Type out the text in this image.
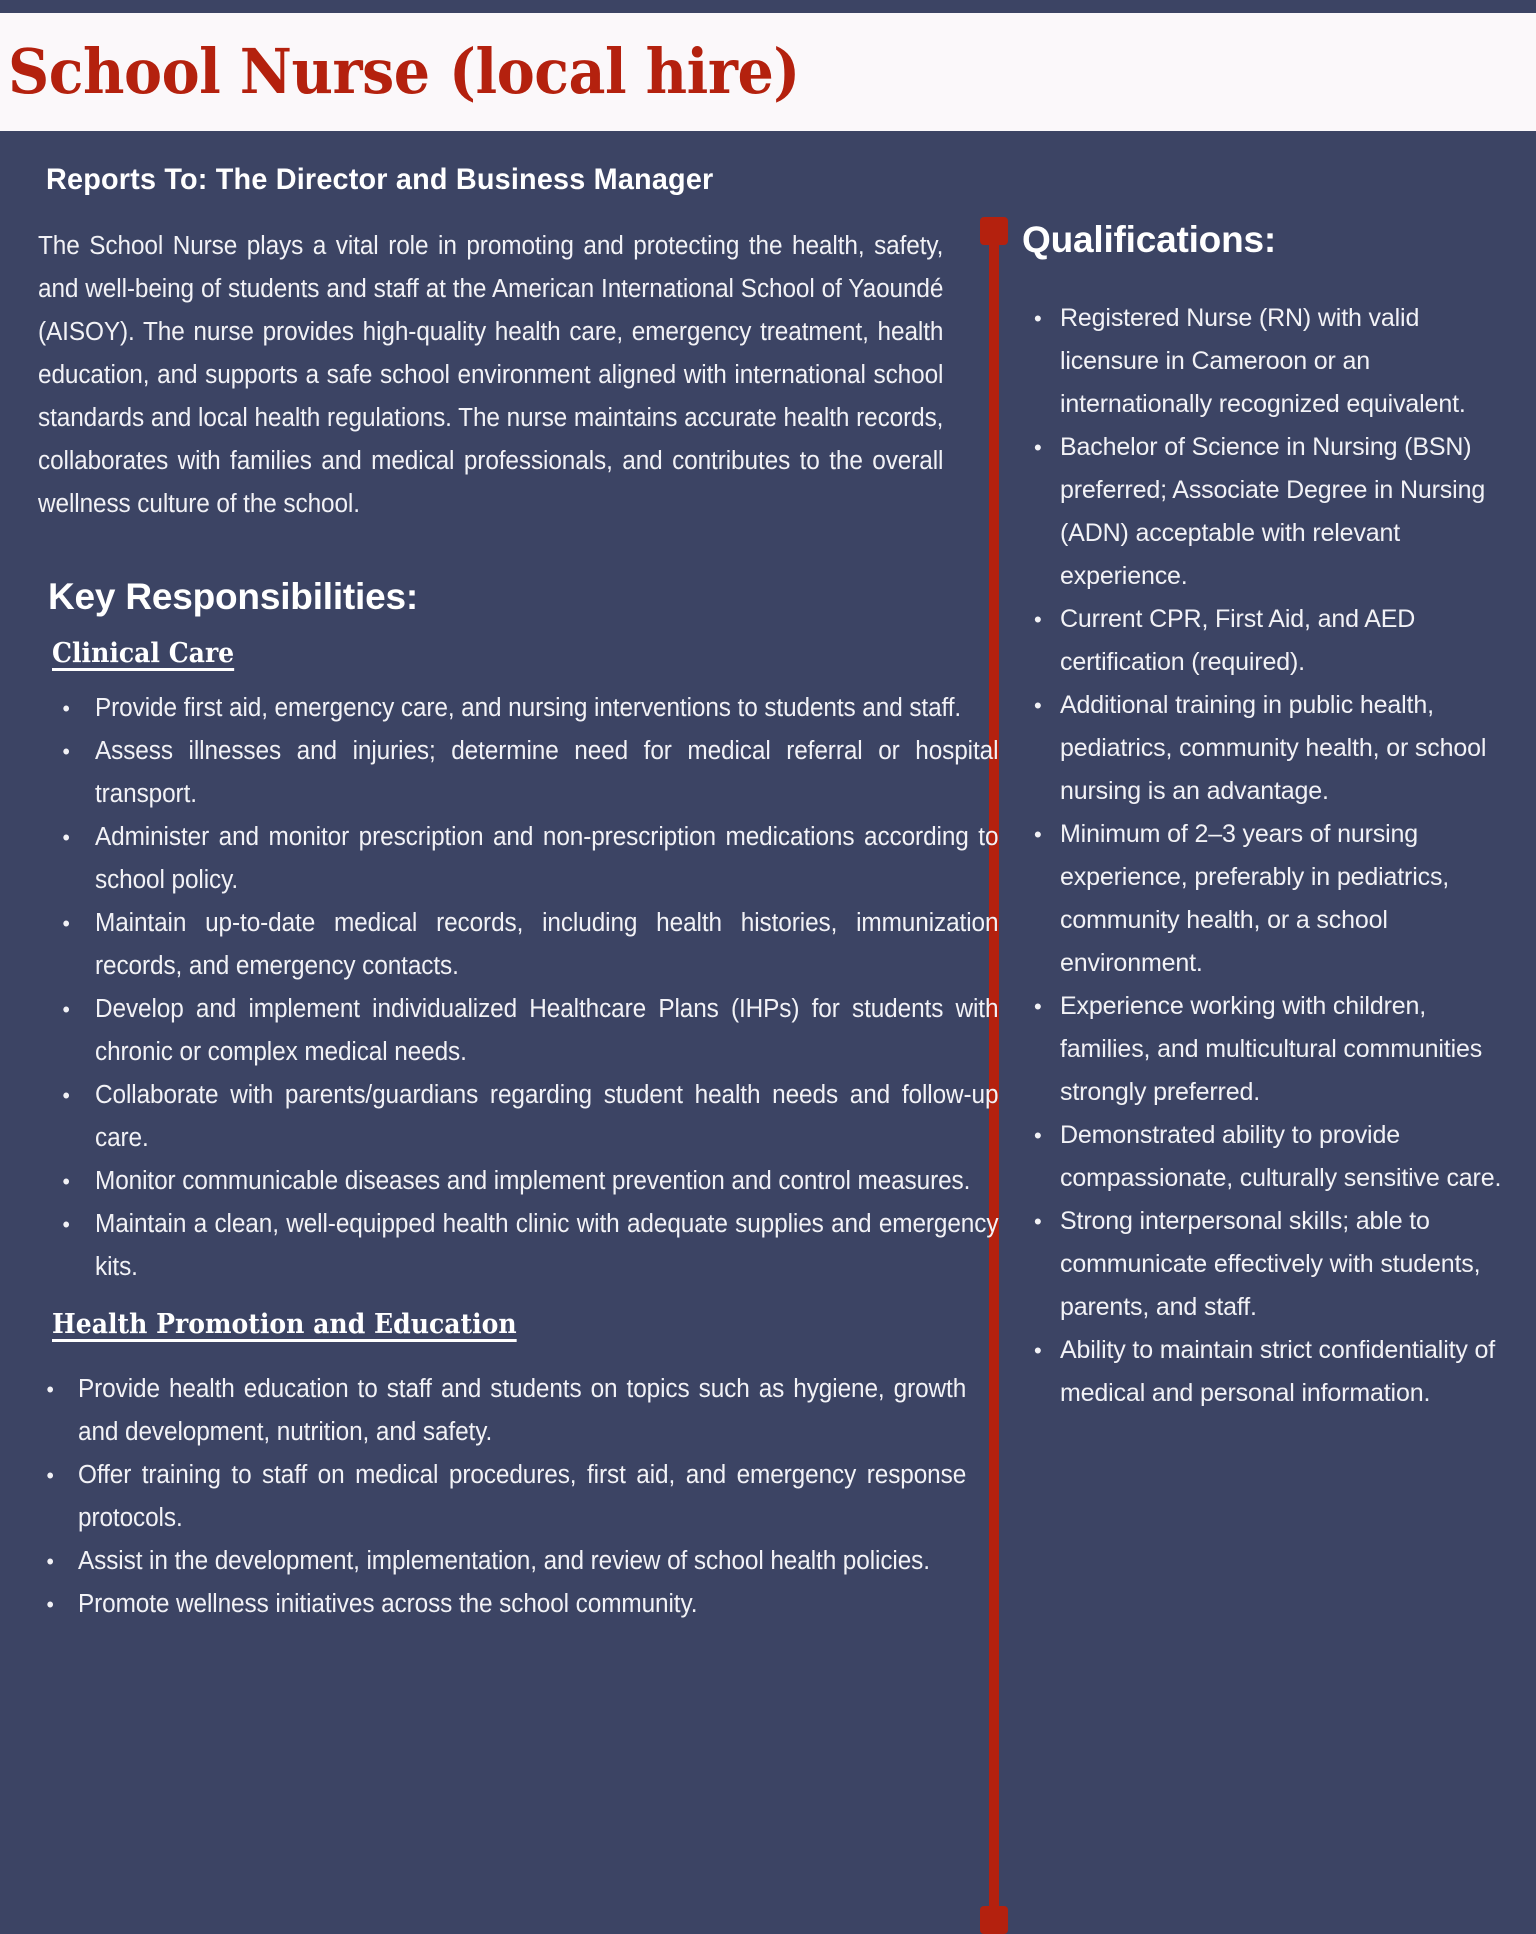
School Nurse (local hire)
Reports To: The Director and Business Manager

The School Nurse plays a vital role in promoting and protecting the health, safety, and well-being of students and staff at the American International School of Yaoundé (AISOY). The nurse provides high-quality health care, emergency treatment, health education, and supports a safe school environment aligned with international school standards and local health regulations. The nurse maintains accurate health records, collaborates with families and medical professionals, and contributes to the overall wellness culture of the school.

Key Responsibilities:
Clinical Care
• Provide first aid, emergency care, and nursing interventions to students and staff.
• Assess illnesses and injuries; determine need for medical referral or hospital transport.
• Administer and monitor prescription and non-prescription medications according to school policy.
• Maintain up-to-date medical records, including health histories, immunization records, and emergency contacts.
• Develop and implement individualized Healthcare Plans (IHPs) for students with chronic or complex medical needs.
• Collaborate with parents/guardians regarding student health needs and follow-up care.
• Monitor communicable diseases and implement prevention and control measures.
• Maintain a clean, well-equipped health clinic with adequate supplies and emergency kits.
Health Promotion and Education
• Provide health education to staff and students on topics such as hygiene, growth and development, nutrition, and safety.
• Offer training to staff on medical procedures, first aid, and emergency response protocols.
• Assist in the development, implementation, and review of school health policies.
• Promote wellness initiatives across the school community.
Qualifications:
• Registered Nurse (RN) with valid licensure in Cameroon or an internationally recognized equivalent.
• Bachelor of Science in Nursing (BSN) preferred; Associate Degree in Nursing (ADN) acceptable with relevant experience.
• Current CPR, First Aid, and AED certification (required).
• Additional training in public health, pediatrics, community health, or school nursing is an advantage.
• Minimum of 2–3 years of nursing experience, preferably in pediatrics, community health, or a school environment.
• Experience working with children, families, and multicultural communities strongly preferred.
• Demonstrated ability to provide compassionate, culturally sensitive care.
• Strong interpersonal skills; able to communicate effectively with students, parents, and staff.
• Ability to maintain strict confidentiality of medical and personal information.
